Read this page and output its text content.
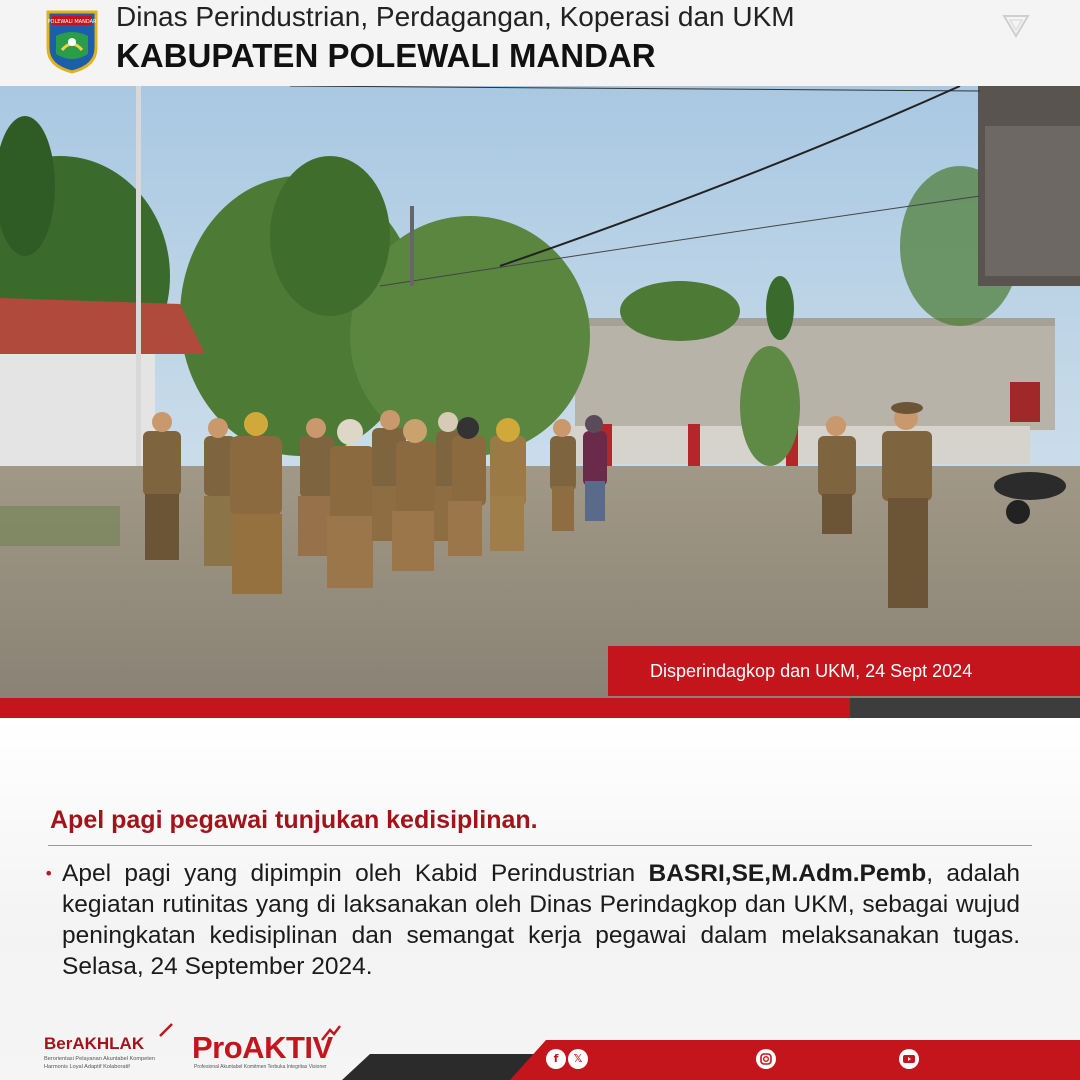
POLEWALI MANDAR Dinas Perindustrian, Perdagangan, Koperasi dan UKM
KABUPATEN POLEWALI MANDAR
Disperindagkop dan UKM, 24 Sept 2024
Apel pagi pegawai tunjukan kedisiplinan.
• Apel pagi yang dipimpin oleh Kabid Perindustrian BASRI,SE,M.Adm.Pemb, adalah kegiatan rutinitas yang di laksanakan oleh Dinas Perindagkop dan UKM, sebagai wujud peningkatan kedisiplinan dan semangat kerja pegawai dalam melaksanakan tugas. Selasa, 24 September 2024.
BerAKHLAK
Berorientasi Pelayanan Akuntabel Kompeten
Harmonis Loyal Adaptif Kolaboratif
ProAKTIV
Profesional Akuntabel Komitmen Terbuka Integritas Visioner
f	𝕏
